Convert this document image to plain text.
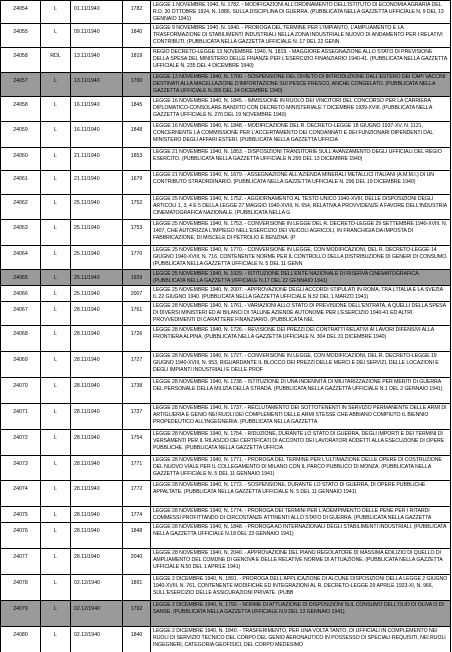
24054	L	01.11/1940	1782
LEGGE 1 NOVEMBRE 1940, N. 1782. - MODIFICAZIONI ALL'ORDINAMENTO DELL'ISTITUTO DI ECONOMIA AGRARIA DEL R.D. 30 OTTOBRE 1924, N. 1886, SULLA DISCIPLINA DI GUERRA. (PUBBLICATA NELLA GAZZETTA UFFICIALE N. 9 DEL 13 GENNAIO 1941)
24055	L	09.11/1940	1840
LEGGE 9 NOVEMBRE 1940, N. 1840. - PROROGA DEL TERMINE PER L'IMPIANTO, L'AMPLIAMENTO E LA TRASFORMAZIONE DI STABILIMENTI INDUSTRIALI NELLA ZONA INDUSTRIALE NUOVO DI ANDAMENTO PER I RELATIVI CONTRIBUTI. (PUBBLICATA NELLA GAZZETTA UFFICIALE N. 17 DEL 22 GENN
24058	RDL	13.11/1940	1819
REGIO DECRETO-LEGGE 13 NOVEMBRE 1940, N. 1819. - MAGGIORE ASSEGNAZIONE ALLO STATO DI PREVISIONE DELLA SPESA DEL MINISTERO DELLE FINANZE PER L'ESERCIZIO FINANZIARIO 1940-41. (PUBBLICATA NELLA GAZZETTA UFFICIALE N. 235 DEL 4 DICEMBRE 1940)
24057	L	13.11/1940	1700
LEGGE 13 NOVEMBRE 1940, N. 1700. - SOSPENSIONE DEL DIVIETO DI INTRODUZIONE DALL'ESTERO DEI CAPI VACCINI DESTINATI ALLA MACELLAZIONE D'IMPORTAZIONE SUI PESCE FRESCO, ANCHE CONGELATO. (PUBBLICATA NELLA GAZZETTA UFFICIALE N.300 DEL 24 DICEMBRE 1940)
24058	L	16.11/1940	1845
LEGGE 16 NOVEMBRE 1940, N. 1845. - IMMISSIONE IN RUOLO DEI VINCITORI DEL CONCORSO PER LA CARRIERA DIPLOMATICO-CONSOLARE BANDITO CON DECRETO MINISTERIALE 7 DICEMBRE 1939-XVIII. (PUBBLICATA NELLA GAZZETTA UFFICIALE N. 270 DEL 19 NOVEMBRE 1940)
24059	L	16.11/1940	1848
LEGGE 16 NOVEMBRE 1940, N. 1848. - MODIFICAZIONE DEL R. DECRETO-LEGGE 18 GIUGNO 1937-XV, N. 1121, CONCERNENTE LA COMMISSIONE PER L'ACCERTAMENTO DEI CONDANNATI E DEI FUNZIONARI DIPENDENTI DAL MINISTERO DEGLI AFFARI ESTERI. (PUBBLICATA NELLA GAZZETTA UFFICIA
24060	L	21.11/1940	1853
LEGGE 21 NOVEMBRE 1940, N. 1853. - DISPOSIZIONI TRANSITORIE SULL'AVANZAMENTO DEGLI UFFICIALI DEL REGIO ESERCITO. (PUBBLICATA NELLA GAZZETTA UFFICIALE N.290 DEL 13 DICEMBRE 1940)
24061	L	21.11/1940	1679
LEGGE 21 NOVEMBRE 1940, N. 1679. - ASSEGNAZIONE ALL'AZIENDA MINERALI METALLICI ITALIANI (A.M.M.I.) DI UN CONTRIBUTO STRAORDINARIO. (PUBBLICATA NELLA GAZZETTA UFFICIALE N. 296 DEL 19 DICEMBRE 1940)
24062	L	25.11/1940	1752
LEGGE 25 NOVEMBRE 1940, N. 1752. - AGGIORNAMENTO AL TESTO UNICO 1940-XVIII, DELLE DISPOSIZIONI DEGLI ARTICOLI 1, 3, 4 E 5 DELLA LEGGE 27 MAGGIO 1940-XVIII, N. 654, RELATIVA A PROVVIDENZE A FAVORE DELL'INDUSTRIA CINEMATOGRAFICA NAZIONALE. (PUBBLICATA NELLA G
24063	L	25.11/1940	1753
LEGGE 25 NOVEMBRE 1940, N. 1753. - CONVERSIONE IN LEGGE DEL R. DECRETO-LEGGE 29 SETTEMBRE 1940-XVIII, N. 1407, CHE AUTORIZZA L'IMPIEGO NELL'ESERCIZIO DEI VEICOLI AGRICOLI, IN FRANCHIGIA DA IMPOSTA DI FABBRICAZIONE, DI MISCELE DI PETROLIO E BENZINA. (P
24064	L	25.11/1940	1770
LEGGE 25 NOVEMBRE 1940, N. 1770. - CONVERSIONE IN LEGGE, CON MODIFICAZIONI, DEL R. DECRETO-LEGGE 14 GIUGNO 1940-XVIII, N. 716, CONTENENTE NORME PER IL CONTROLLO DELLA DISTRIBUZIONE DI GENERI DI CONSUMO. (PUBBLICATA NELLA GAZZETTA UFFICIALE N. 5 DEL 11 GENN
24065	L	25.11/1940	1929
LEGGE 25 NOVEMBRE 1940, N. 1929. - ISTITUZIONE DELL'ENTE NAZIONALE DI RISERVA CINEMATOGRAFICA. (PUBBLICATA NELLA GAZZETTA UFFICIALE N.17 DEL 22 GENNAIO 1941)
24066	L	25.11/1940	2007
LEGGE 25 NOVEMBRE 1940, N. 2007. - APPROVAZIONE DEGLI ACCORDI STIPULATI IN ROMA, TRA L'ITALIA E LA SVEZIA IL 22 GIUGNO 1940. (PUBBLICATA NELLA GAZZETTA UFFICIALE N.52 DEL 1 MARZO 1941)
24067	L	28.11/1940	1761
LEGGE 28 NOVEMBRE 1940, N. 1761. - VARIAZIONI ALLO STATO DI PREVISIONE DELL'ENTRATA, A QUELLI DELLA SPESA DI DIVERSI MINISTERI ED AI BILANCI DI TALUNE AZIENDE AUTONOME PER L'ESERCIZIO 1940-41 ED ALTRI PROVVEDIMENTI DI CARATTERE FINANZIARIO. (PUBBLICATA NEL
24068	L	28.11/1940	1726
LEGGE 28 NOVEMBRE 1940, N. 1726. - REVISIONE DEI PREZZI DEI CONTRATTI RELATIVI AI LAVORI DIFENSIVI ALLA FRONTIERA ALPINA. (PUBBLICATA NELLA GAZZETTA UFFICIALE N. 304 DEL 31 DICEMBRE 1940)
24069	L	28.11/1940	1727
LEGGE 28 NOVEMBRE 1940, N. 1727. - CONVERSIONE IN LEGGE, CON MODIFICAZIONI, DEL R. DECRETO-LEGGE 19 GIUGNO 1940-XVIII, N. 953, RIGUARDANTE IL BLOCCO DEI PREZZI DELLE MERCI E DEI SERVIZI, DELLE LOCAZIONI E DEGLI IMPIANTI INDUSTRIALI E DELLE PROF
24070	L	28.11/1940	1738
LEGGE 28 NOVEMBRE 1940, N. 1738. - ISTITUZIONE DI UNA INDENNITÀ DI MILITARIZZAZIONE PER MERITI DI GUERRA DEL PERSONALE DELLA MILIZIA DELLA STRADA. (PUBBLICATA NELLA GAZZETTA UFFICIALE N.1 DEL 2 GENNAIO 1941)
24071	L	28.11/1940	1737
LEGGE 28 NOVEMBRE 1940, N. 1737. - RECLUTAMENTO DEI SOTTOTENENTI IN SERVIZIO PERMANENTE DELLE ARMI DI ARTIGLIERIA E GENIO NEI RUOLI DEI COMPLEMENTI DELLE ARMI STESSE CHE ABBIANO COMPIUTO IL BIENNIO PROPEDEUTICO ALL'INGEGNERIA. (PUBBLICATA NELLA GAZZETTA
24072	L	28.11/1940	1754
LEGGE 28 NOVEMBRE 1940, N. 1754. - RIDUZIONE, DURANTE LO STATO DI GUERRA, DEGLI IMPORTI E DEI TERMINI DI VERSAMENTI PER IL RILASCIO DEI CERTIFICATI DI ACCONTO DEI LAVORATORI ADDETTI ALLA ESECUZIONE DI OPERE PUBBLICHE. (PUBBLICATA NELLA GAZZETTA UFFICIA
24073	L	28.11/1940	1771
LEGGE 28 NOVEMBRE 1940, N. 1771. - PROROGA DEL TERMINE PER L'ULTIMAZIONE DELLE OPERE DI COSTRUZIONE DEL NUOVO VIALE PER IL COLLEGAMENTO DI MILANO CON IL PARCO PUBBLICO DI MONZA. (PUBBLICATA NELLA GAZZETTA UFFICIALE N. 5 DEL 11 GENNAIO 1941)
24074	L	28.11/1940	1772
LEGGE 28 NOVEMBRE 1940, N. 1772. - SOSPENSIONE, DURANTE LO STATO DI GUERRA, DI OPERE PUBBLICHE APPALTATE. (PUBBLICATA NELLA GAZZETTA UFFICIALE N. 5 DEL 11 GENNAIO 1941)
24075	L	28.11/1940	1774
LEGGE 28 NOVEMBRE 1940, N. 1774. - PROROGA DEI TERMINI PER L'ADEMPIMENTO DELLE PENE PER I RITARDI COMMESSI PROFITTANDO DI CIRCOSTANZE ATTINENTI ALLO STATO DI GUERRA. (PUBBLICATA NELLA GAZZETTA
24076	L	28.11/1940	1848
LEGGE 28 NOVEMBRE 1940, N. 1848. - PROROGA AD INTERNAZIONALI DEGLI STABILIMENTI INDUSTRIALI. (PUBBLICATA NELLA GAZZETTA UFFICIALE N.18 DEL 23 GENNAIO 1941)
24077	L	28.11/1940	2040
LEGGE 28 NOVEMBRE 1940, N. 2040. - APPROVAZIONE DEL PIANO REGOLATORE DI MASSIMA EDILIZIO DI QUELLO DI AMPLIAMENTO DEL COMUNE DI GENOVA E DELLE RELATIVE NORME DI ATTUAZIONE. (PUBBLICATA NELLA GAZZETTA UFFICIALE N.50 DEL 1 APRILE 1941)
24078	L	02.12/1940	1891
LEGGE 2 DICEMBRE 1940, N. 1891. - PROROGA DELL'APPLICAZIONE DI ALCUNE DISPOSIZIONI DELLA LEGGE 2 GIUGNO 1940-XVIII, N. 761, CONTENENTE MODIFICHE ED INTEGRAZIONI AL R. DECRETO-LEGGE 29 APRILE 1923-XI, N. 966, SULL'ESERCIZIO DELLE ASSICURAZIONI PRIVATE. (PUBB
24079	L	02.12/1940	1792
LEGGE 2 DICEMBRE 1940, N. 1792. - NORME DI ATTUAZIONE DI DISPOSIZIONI SUL CONSUMO DELL'OLIO DI OLIVA O DI SANSE. (PUBBLICATA NELLA GAZZETTA UFFICIALE N.9 DEL 13 GENNAIO 1941)
24080	L	02.12/1940	1840
LEGGE 2 DICEMBRE 1940, N. 1840. - TRASFERIMENTO, PER UNA VOLTA TANTO, DI UFFICIALI IN COMPLEMENTO NEI RUOLI DI SERVIZIO TECNICO DEL CORPO DEL GENIO AERONAUTICO IN POSSESSO DI SPECIALI REQUISITI, NEI RUOLI INGEGNERI, CATEGORIA GEOFISICI, DEL CORPO MEDESIMO
